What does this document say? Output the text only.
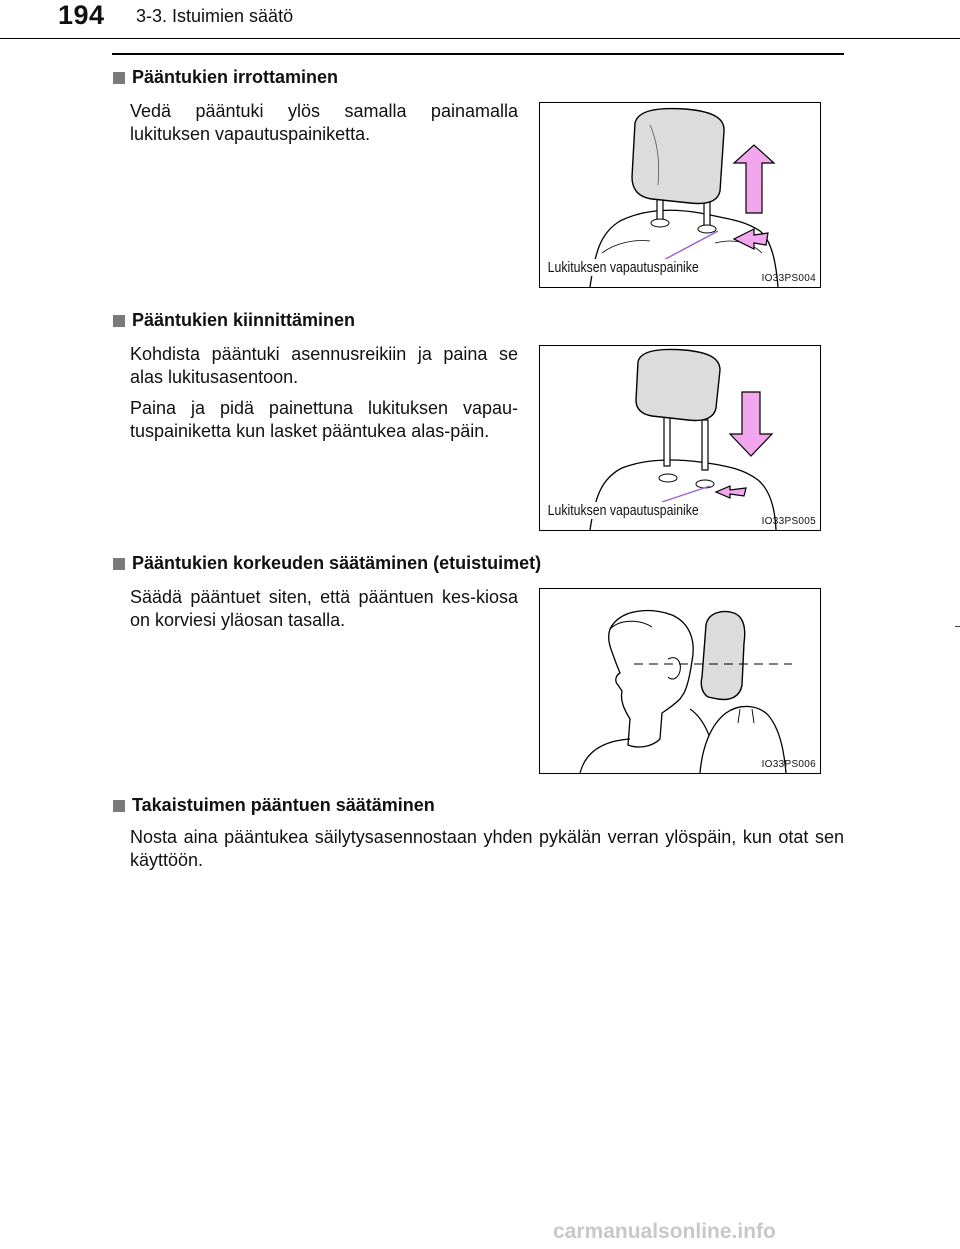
194 3-3. Istuimien säätö
Pääntukien irrottaminen
Vedä pääntuki ylös samalla painamalla lukituksen vapautuspainiketta.
Lukituksen vapautuspainike
IO33PS004
Pääntukien kiinnittäminen
Kohdista pääntuki asennusreikiin ja paina se alas lukitusasentoon.
Paina ja pidä painettuna lukituksen vapau-tuspainiketta kun lasket pääntukea alas-päin.
Lukituksen vapautuspainike
IO33PS005
Pääntukien korkeuden säätäminen (etuistuimet)
Säädä pääntuet siten, että pääntuen kes-kiosa on korviesi yläosan tasalla.
IO33PS006
Takaistuimen pääntuen säätäminen
Nosta aina pääntukea säilytysasennostaan yhden pykälän verran ylöspäin, kun otat sen käyttöön.
carmanualsonline.info
